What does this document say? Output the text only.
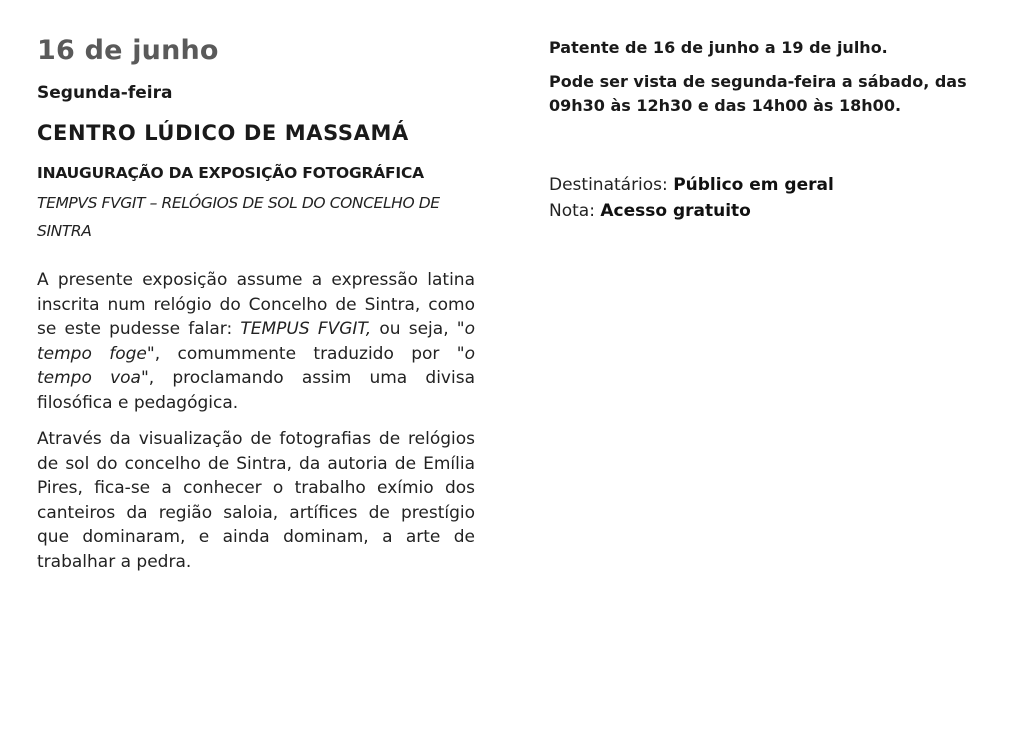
16 de junho
Segunda-feira
CENTRO LÚDICO DE MASSAMÁ
INAUGURAÇÃO DA EXPOSIÇÃO FOTOGRÁFICA
TEMPVS FVGIT – RELÓGIOS DE SOL DO CONCELHO DE SINTRA

A presente exposição assume a expressão latina inscrita num relógio do Concelho de Sintra, como se este pudesse falar: TEMPUS FVGIT, ou seja, "o tempo foge", comummente traduzido por "o tempo voa", proclamando assim uma divisa filosófica e pedagógica.

Através da visualização de fotografias de relógios de sol do concelho de Sintra, da autoria de Emília Pires, fica-se a conhecer o trabalho exímio dos canteiros da região saloia, artífices de prestígio que dominaram, e ainda dominam, a arte de trabalhar a pedra.

Patente de 16 de junho a 19 de julho.

Pode ser vista de segunda-feira a sábado, das 09h30 às 12h30 e das 14h00 às 18h00.

Destinatários: Público em geral

Nota: Acesso gratuito
